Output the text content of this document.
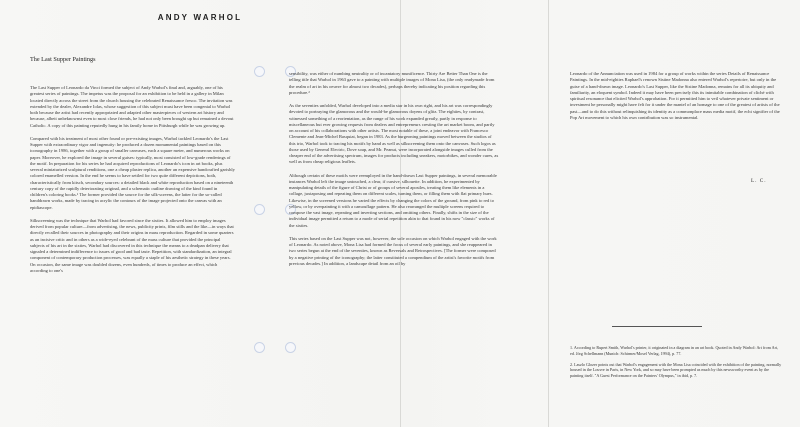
ANDY WARHOL
The Last Supper Paintings

The Last Supper of Leonardo da Vinci formed the subject of Andy Warhol's final and, arguably, one of his greatest series of paintings. The impetus was the proposal for an exhibition to be held in a gallery in Milan located directly across the street from the church housing the celebrated Renaissance fresco. The invitation was extended by the dealer, Alexandre Iolas, whose suggestion of this subject must have been congenial to Warhol both because the artist had recently appropriated and adapted other masterpieces of western art history and because, albeit unbeknownst even to most close friends, he had not only been brought up but remained a devout Catholic. A copy of this painting reputedly hung in his family home in Pittsburgh while he was growing up.

Compared with his treatment of most other found or pre-existing images, Warhol tackled Leonardo's the Last Supper with extraordinary vigor and ingenuity: he produced a dozen monumental paintings based on this iconography in 1986, together with a group of smaller canvases, each a square meter, and numerous works on paper. Moreover, he explored the image in several guises: typically, most consisted of low-grade renderings of the motif. In preparation for his series he had acquired reproductions of Leonardo's icon in art books, plus several miniaturized sculptural renditions, one a cheap plaster replica, another an expensive handcrafted garishly colored enamelled version. In the end he seems to have settled for two quite different depictions, both, characteristically from kitsch, secondary sources: a detailed black and white reproduction based on a nineteenth century copy of the rapidly deteriorating original, and a schematic outline drawing of the kind found in children's coloring books.¹ The former provided the source for the silk-screens, the latter for the so-called handdrawn works, made by tracing in acrylic the contours of the image projected onto the canvas with an epidiascope.

Silkscreening was the technique that Warhol had favored since the sixties. It allowed him to employ images derived from popular culture—from advertising, the news, publicity prints, film stills and the like—in ways that directly recalled their sources in photography and their origins in mass reproduction. Regarded in some quarters as an incisive critic and in others as a wide-eyed celebrant of the mass culture that provided the principal subjects of his art in the sixties, Warhol had discovered in this technique the means to a deadpan delivery that signaled a determined indifference to issues of good and bad taste. Repetition, with standardization, an integral component of contemporary production processes, was equally a staple of his aesthetic strategy in these years. On occasion, the same image was doubled dozens, even hundreds, of times to produce an effect, which according to one's

sensibility, was either of numbing neutrality or of incantatory munificence. Thirty Are Better Than One is the telling title that Warhol in 1963 gave to a painting with multiple images of Mona Lisa, (the only readymade from the realm of art in his oeuvre for almost two decades), perhaps thereby indicating his position regarding this procedure.²

As the seventies unfolded, Warhol developed into a media star in his own right, and his art was correspondingly devoted to portraying the glamorous and the would-be glamorous doyens of glitz. The eighties, by contrast, witnessed something of a reorientation, as the range of his work expanded greatly, partly in response to miscellaneous but ever growing requests from dealers and entrepreneurs cresting the art market boom, and partly on account of his collaborations with other artists. The most notable of these, a joint endeavor with Francesco Clemente and Jean-Michel Basquiat, began in 1983. As the burgeoning paintings moved between the studios of this trio, Warhol took to tracing his motifs by hand as well as silkscreening them onto the canvases. Such logos as those used by General Electric, Dove soap, and Mr. Peanut, were incorporated alongside images culled from the cheaper end of the advertising spectrum, images for products including sneakers, motorbikes, and wonder cures, as well as from cheap religious leaflets.

Although certain of these motifs were reemployed in the hand-drawn Last Supper paintings, in several memorable instances Warhol left the image untouched, a clear, if cursive, silhouette. In addition, he experimented by manipulating details of the figure of Christ or of groups of several apostles, treating them like elements in a collage, juxtaposing and repeating them on different scales, turning them, or filling them with flat primary hues. Likewise, in the screened versions he varied the effects by changing the colors of the ground, from pink to red to yellow, or by overpainting it with a camouflage pattern. He also rearranged the multiple screens required to compose the vast image, repeating and inverting sections, and omitting others. Finally, shifts in the size of the individual image permitted a return to a mode of serial repetition akin to that found in his now "classic" works of the sixties.

This series based on the Last Supper was not, however, the sole occasion on which Warhol engaged with the work of Leonardo. As noted above, Mona Lisa had formed the focus of several early paintings, and she reappeared in two series begun at the end of the seventies, known as Reversals and Retrospectives. [The former were composed by a negative printing of the iconography; the latter constituted a compendium of the artist's favorite motifs from previous decades.] In addition, a landscape detail from an oil by

Leonardo of the Annunciation was used in 1984 for a group of works within the series Details of Renaissance Paintings. In the mid-eighties Raphael's renown Sistine Madonna also entered Warhol's repertoire, but only in the guise of a hand-drawn image. Leonardo's Last Supper, like the Sistine Madonna, remains for all its ubiquity and familiarity, an eloquent symbol. Indeed it may have been precisely this its inimitable combination of cliché with spiritual resonance that elicited Warhol's approbation. For it permitted him to veil whatever private sentiment or investment he personally might have felt for it under the mantel of an homage to one of the greatest of artists of the past—and to do this without relinquishing its identity as a commonplace mass media motif, the echt signifier of the Pop Art movement to which his own contribution was so instrumental.

L. C.

1. According to Rupert Smith, Warhol's printer, it originated in a diagram in an art book. Quoted in Andy Warhol: Art from Art, ed. Jörg Schellmann (Munich: Schirmer/Mosel Verlag, 1994), p. 77.

2. Laszlo Glozer points out that Warhol's engagement with the Mona Lisa coincided with the exhibition of the painting, normally housed in the Louvre in Paris, in New York, and so may have been prompted as much by this newsworthy event as by the painting itself. "A Guest Performance on the Painters' Olympus," in ibid, p. 7.
